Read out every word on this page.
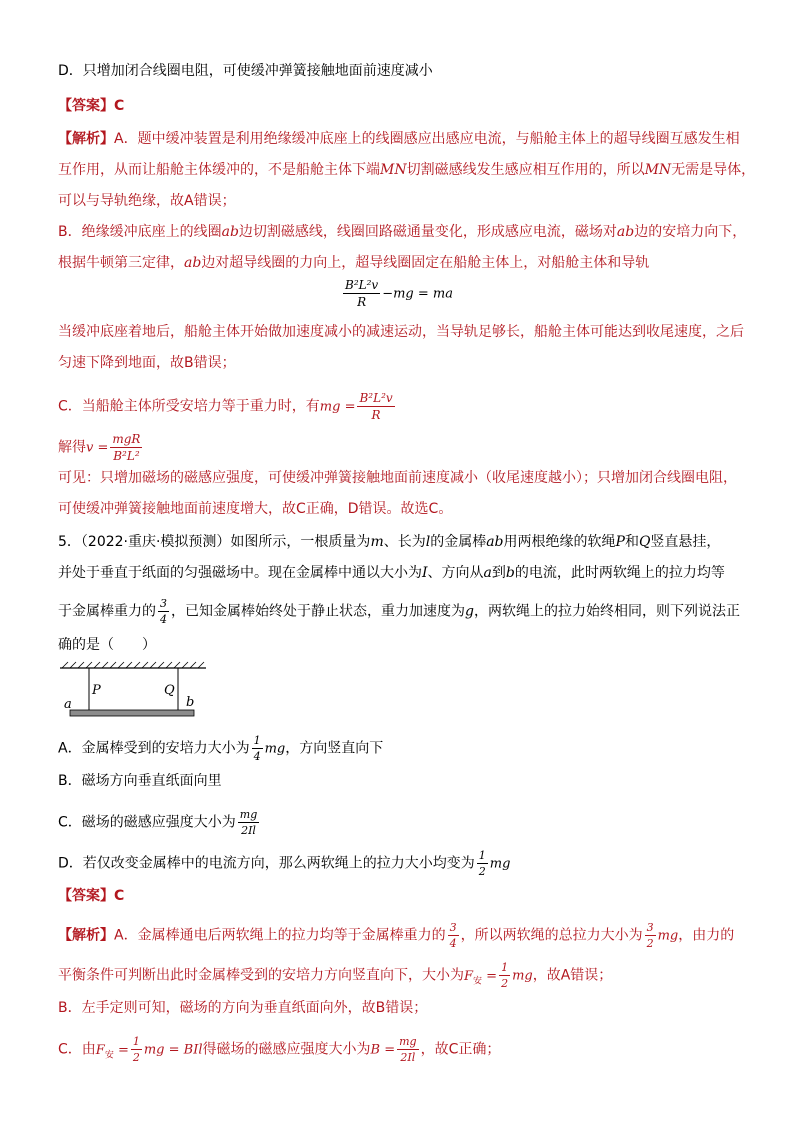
D．只增加闭合线圈电阻，可使缓冲弹簧接触地面前速度减小
【答案】C
【解析】A．题中缓冲装置是利用绝缘缓冲底座上的线圈感应出感应电流，与船舱主体上的超导线圈互感发生相
互作用，从而让船舱主体缓冲的，不是船舱主体下端MN切割磁感线发生感应相互作用的，所以MN无需是导体，
可以与导轨绝缘，故A错误；
B．绝缘缓冲底座上的线圈ab边切割磁感线，线圈回路磁通量变化，形成感应电流，磁场对ab边的安培力向下，
根据牛顿第三定律，ab边对超导线圈的力向上，超导线圈固定在船舱主体上，对船舱主体和导轨
$\frac{\text{B²L²v}}{R} -mg$ = ma
当缓冲底座着地后，船舱主体开始做加速度减小的减速运动，当导轨足够长，船舱主体可能达到收尾速度，之后
匀速下降到地面，故B错误；
C．当船舱主体所受安培力等于重力时，有mg = $\frac{\text{B²L²v}}{R}$
解得$v = \frac{\text{mgR}}{\text{B²L²}}$
可见：只增加磁场的磁感应强度，可使缓冲弹簧接触地面前速度减小（收尾速度越小）；只增加闭合线圈电阻，
可使缓冲弹簧接触地面前速度增大，故C正确，D错误。故选C。
5．（2022·重庆·模拟预测）如图所示，一根质量为m、长为l的金属棒ab用两根绝缘的软绳P和Q竖直悬挂，
并处于垂直于纸面的匀强磁场中。现在金属棒中通以大小为I、方向从a到b的电流，此时两软绳上的拉力均等
于金属棒重力的 $\frac{3}{4}$ ，已知金属棒始终处于静止状态，重力加速度为g，两软绳上的拉力始终相同，则下列说法正
确的是（　　）
P	Q
a	b
A．金属棒受到的安培力大小为 $\frac{1}{4}$ mg，方向竖直向下
B．磁场方向垂直纸面向里
C．磁场的磁感应强度大小为 $\frac{mg}{2Il}$
D．若仅改变金属棒中的电流方向，那么两软绳上的拉力大小均变为 $\frac{1}{2}$ mg
【答案】C
【解析】A．金属棒通电后两软绳上的拉力均等于金属棒重力的 $\frac{3}{4}$ ，所以两软绳的总拉力大小为 $\frac{3}{2}$ mg，由力的
平衡条件可判断出此时金属棒受到的安培力方向竖直向下，大小为$F_安 = \frac{1}{2}$ mg，故A错误；
B．左手定则可知，磁场的方向为垂直纸面向外，故B错误；
C．由$F_安 = \frac{1}{2}$ mg = BIl得磁场的磁感应强度大小为$B = \frac{mg}{2Il}$ ，故C正确；
